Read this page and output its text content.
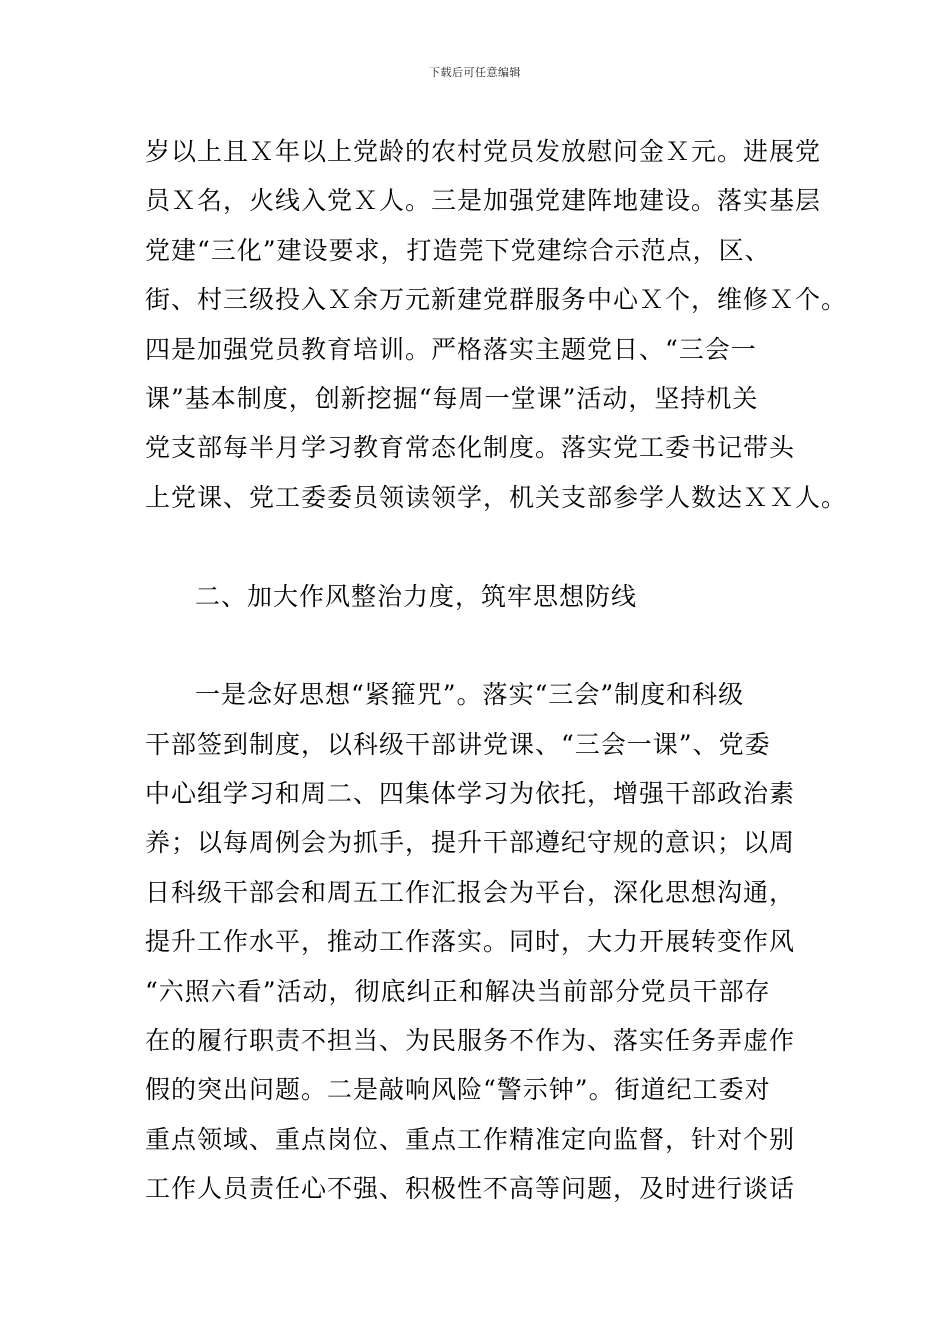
下载后可任意编辑
岁以上且Ｘ年以上党龄的农村党员发放慰问金Ｘ元。进展党
员Ｘ名，火线入党Ｘ人。三是加强党建阵地建设。落实基层
党建“三化”建设要求，打造莞下党建综合示范点，区、
街、村三级投入Ｘ余万元新建党群服务中心Ｘ个，维修Ｘ个。
四是加强党员教育培训。严格落实主题党日、“三会一
课”基本制度，创新挖掘“每周一堂课”活动，坚持机关
党支部每半月学习教育常态化制度。落实党工委书记带头
上党课、党工委委员领读领学，机关支部参学人数达ＸＸ人。
二、加大作风整治力度，筑牢思想防线
一是念好思想“紧箍咒”。落实“三会”制度和科级
干部签到制度，以科级干部讲党课、“三会一课”、党委
中心组学习和周二、四集体学习为依托，增强干部政治素
养；以每周例会为抓手，提升干部遵纪守规的意识；以周
日科级干部会和周五工作汇报会为平台，深化思想沟通，
提升工作水平，推动工作落实。同时，大力开展转变作风
“六照六看”活动，彻底纠正和解决当前部分党员干部存
在的履行职责不担当、为民服务不作为、落实任务弄虚作
假的突出问题。二是敲响风险“警示钟”。街道纪工委对
重点领域、重点岗位、重点工作精准定向监督，针对个别
工作人员责任心不强、积极性不高等问题，及时进行谈话
